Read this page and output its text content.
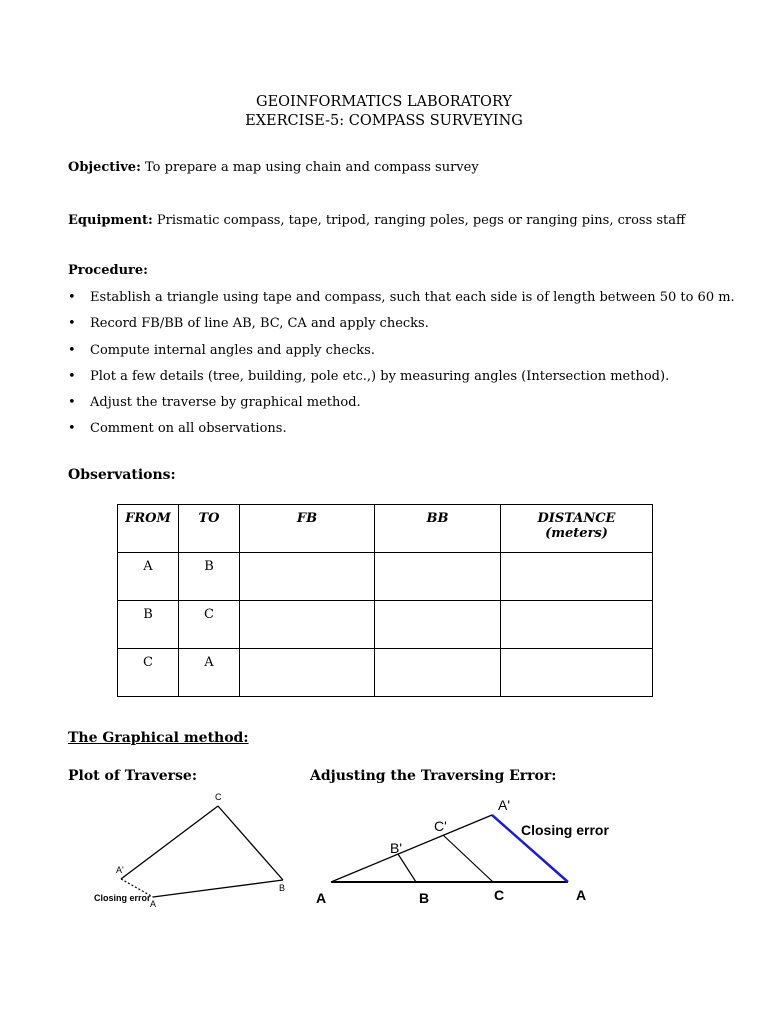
GEOINFORMATICS LABORATORY
EXERCISE-5: COMPASS SURVEYING
Objective: To prepare a map using chain and compass survey
Equipment: Prismatic compass, tape, tripod, ranging poles, pegs or ranging pins, cross staff
Procedure:
• Establish a triangle using tape and compass, such that each side is of length between 50 to 60 m.
• Record FB/BB of line AB, BC, CA and apply checks.
• Compute internal angles and apply checks.
• Plot a few details (tree, building, pole etc.,) by measuring angles (Intersection method).
• Adjust the traverse by graphical method.
• Comment on all observations.
Observations:
FROM	TO	FB	BB	DISTANCE
(meters)

A	B			
B	C			
C	A			
The Graphical method:
Plot of Traverse:	Adjusting the Traversing Error:
C
A'
B
A
Closing error
A'
C'
B'
Closing error
A	B	C	A
